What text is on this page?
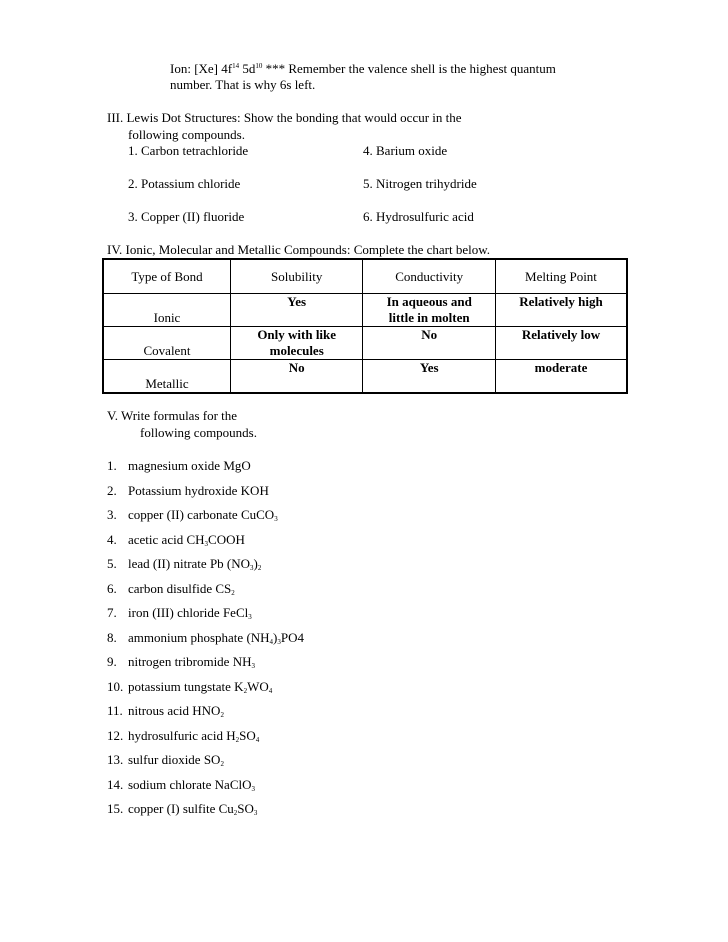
Ion: [Xe] $4f^{14}$ $5d^{10}$ *** Remember the valence shell is the highest quantum
number. That is why 6s left.
III. Lewis Dot Structures: Show the bonding that would occur in the
following compounds.
1. Carbon tetrachloride	4. Barium oxide
2. Potassium chloride	5. Nitrogen trihydride
3. Copper (II) fluoride	6. Hydrosulfuric acid
IV. Ionic, Molecular and Metallic Compounds: Complete the chart below.
Type of Bond	Solubility	Conductivity	Melting Point
Ionic	Yes	In aqueous and
little in molten	Relatively high
Covalent	Only with like
molecules	No	Relatively low
Metallic	No	Yes	moderate
V. Write formulas for the
following compounds.
1. magnesium oxide MgO
2. Potassium hydroxide KOH
3. copper (II) carbonate CuCO$_3$
4. acetic acid $CH_3COOH$
5. lead (II) nitrate Pb $(NO_3)_2$
6. carbon disulfide $CS_2$
7. iron (III) chloride FeCl$_3$
8. ammonium phosphate $(NH_4)_3PO4$
9. nitrogen tribromide $NH_3$
10. potassium tungstate $K_2WO_4$
11. nitrous acid $HNO_2$
12. hydrosulfuric acid $H_2SO_4$
13. sulfur dioxide $SO_2$
14. sodium chlorate NaClO$_3$
15. copper (I) sulfite $Cu_2SO_3$
